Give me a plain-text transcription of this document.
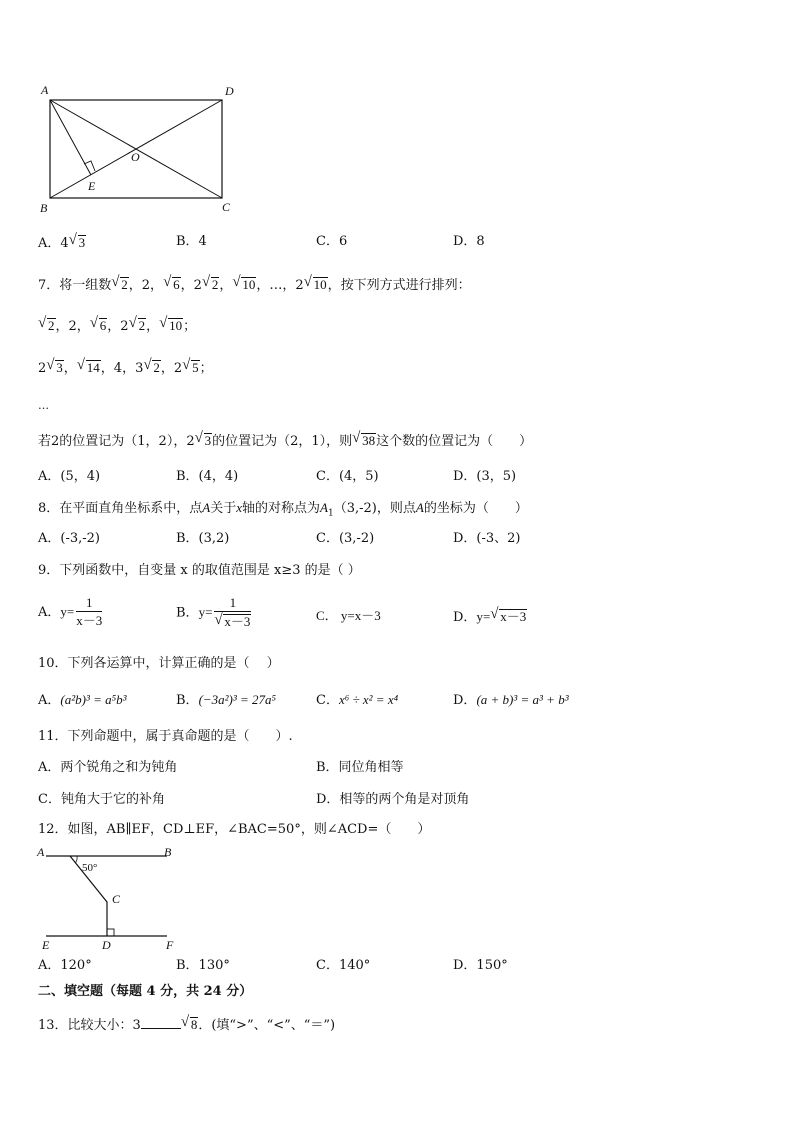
A	D
B	C
O
E
A．4 √ 3	B．4	C．6	D．8
7．将一组数 √ 2，2， √ 6，2 √ 2， √ 10，…，2 √ 10，按下列方式进行排列：
√ 2，2， √ 6，2 √ 2， √ 10；
2 √ 3， √ 14，4，3 √ 2，2 √ 5；
…
若2的位置记为（1，2），2 √ 3的位置记为（2，1），则 √ 38这个数的位置记为（　　）
A．(5，4)	B．(4，4)	C．(4，5)	D．(3，5)
8．在平面直角坐标系中，点A关于x轴的对称点为$A_1(3,-2)$，则点A的坐标为（　　）
A．(-3,-2)	B．(3,2)	C．(3,-2)	D．(-3、2)
9．下列函数中，自变量 x 的取值范围是 x≥3 的是（ ）
A．$y= \frac{1}{x-3}$	B．$y= \frac{1}{√ x-3}$	C． y=x－3	D．y= √ x－3
10．下列各运算中，计算正确的是（　 ）
A．(a²b)³ = a⁵b³	B．(−3a²)³ = 27a⁵	C．x⁶ ÷ x² = x⁴	D．(a + b)³ = a³ + b³
11．下列命题中，属于真命题的是（　　）.
A．两个锐角之和为钝角	B．同位角相等
C．钝角大于它的补角	D．相等的两个角是对顶角
12．如图，AB∥EF，CD⊥EF，∠BAC=50°，则∠ACD=（　　）
A	B
C
D
E	F
50°
A．120°	B．130°	C．140°	D．150°
二、填空题（每题 4 分，共 24 分）
13．比较大小：3	√ 8．(填“>”、“<”、“＝”)
